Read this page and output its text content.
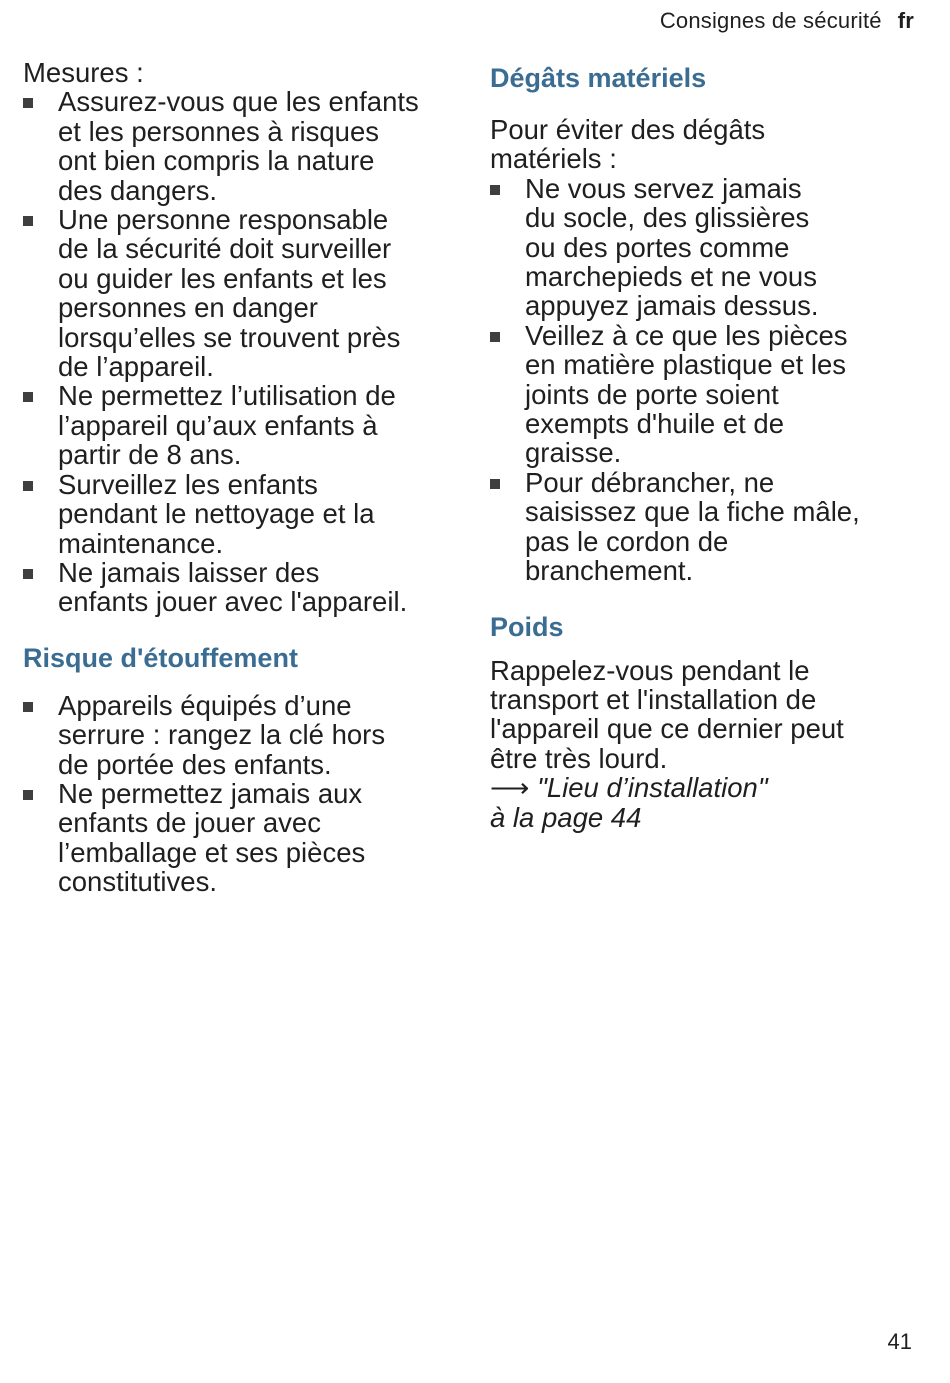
Consignes de sécurité fr

Mesures :

Assurez-vous que les enfants
et les personnes à risques
ont bien compris la nature
des dangers.
Une personne responsable
de la sécurité doit surveiller
ou guider les enfants et les
personnes en danger
lorsqu’elles se trouvent près
de l’appareil.
Ne permettez l’utilisation de
l’appareil qu’aux enfants à
partir de 8 ans.
Surveillez les enfants
pendant le nettoyage et la
maintenance.
Ne jamais laisser des
enfants jouer avec l'appareil.
Risque d'étouffement
Appareils équipés d’une
serrure : rangez la clé hors
de portée des enfants.
Ne permettez jamais aux
enfants de jouer avec
l’emballage et ses pièces
constitutives.
Dégâts matériels

Pour éviter des dégâts
matériels :

Ne vous servez jamais
du socle, des glissières
ou des portes comme
marchepieds et ne vous
appuyez jamais dessus.
Veillez à ce que les pièces
en matière plastique et les
joints de porte soient
exempts d'huile et de
graisse.
Pour débrancher, ne
saisissez que la fiche mâle,
pas le cordon de
branchement.
Poids

Rappelez-vous pendant le
transport et l'installation de
l'appareil que ce dernier peut
être très lourd.

⟶ "Lieu d’installation"
à la page 44
41
